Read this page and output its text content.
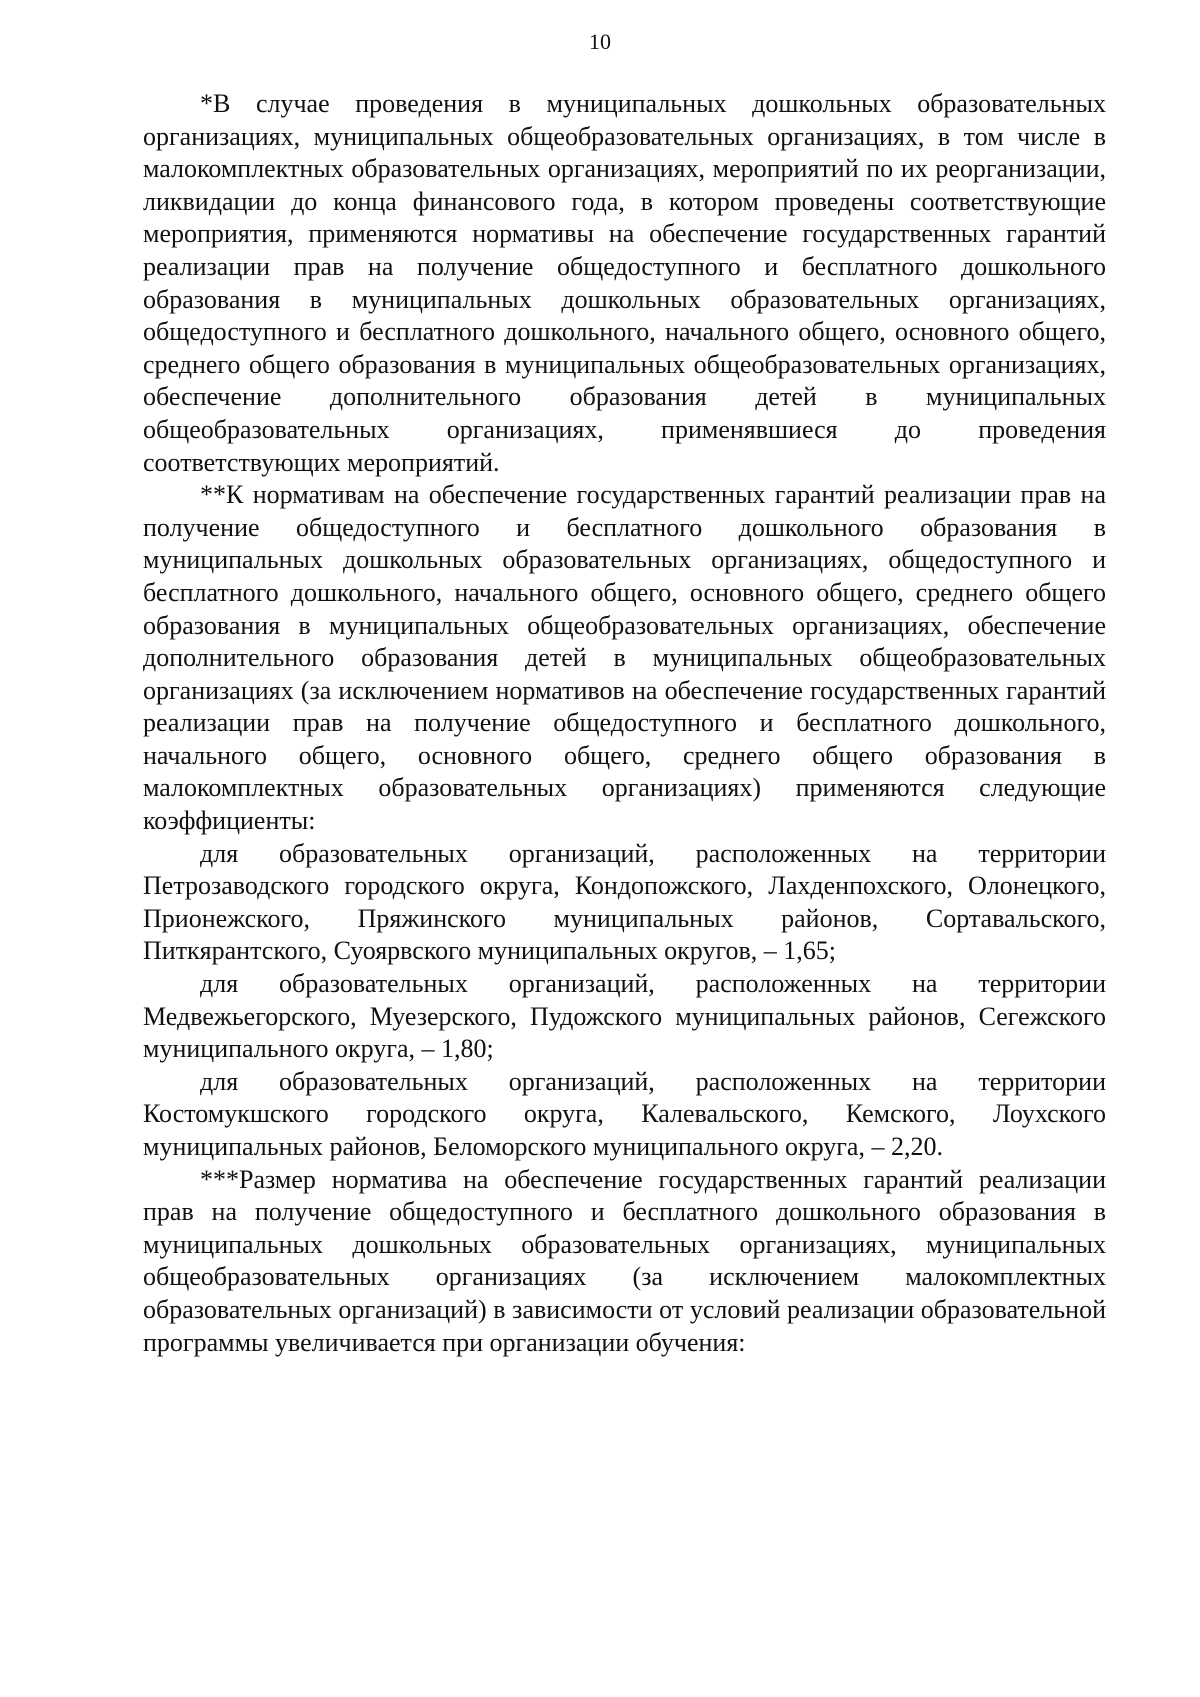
10

*В случае проведения в муниципальных дошкольных образовательных организациях, муниципальных общеобразовательных организациях, в том числе в малокомплектных образовательных организациях, мероприятий по их реорганизации, ликвидации до конца финансового года, в котором проведены соответствующие мероприятия, применяются нормативы на обеспечение государственных гарантий реализации прав на получение общедоступного и бесплатного дошкольного образования в муниципальных дошкольных образовательных организациях, общедоступного и бесплатного дошкольного, начального общего, основного общего, среднего общего образования в муниципальных общеобразовательных организациях, обеспечение дополнительного образования детей в муниципальных общеобразовательных организациях, применявшиеся до проведения соответствующих мероприятий.

**К нормативам на обеспечение государственных гарантий реализации прав на получение общедоступного и бесплатного дошкольного образования в муниципальных дошкольных образовательных организациях, общедоступного и бесплатного дошкольного, начального общего, основного общего, среднего общего образования в муниципальных общеобразовательных организациях, обеспечение дополнительного образования детей в муниципальных общеобразовательных организациях (за исключением нормативов на обеспечение государственных гарантий реализации прав на получение общедоступного и бесплатного дошкольного, начального общего, основного общего, среднего общего образования в малокомплектных образовательных организациях) применяются следующие коэффициенты:

для образовательных организаций, расположенных на территории Петрозаводского городского округа, Кондопожского, Лахденпохского, Олонецкого, Прионежского, Пряжинского муниципальных районов, Сортавальского, Питкярантского, Суоярвского муниципальных округов, – 1,65;

для образовательных организаций, расположенных на территории Медвежьегорского, Муезерского, Пудожского муниципальных районов, Сегежского муниципального округа, – 1,80;

для образовательных организаций, расположенных на территории Костомукшского городского округа, Калевальского, Кемского, Лоухского муниципальных районов, Беломорского муниципального округа, – 2,20.

***Размер норматива на обеспечение государственных гарантий реализации прав на получение общедоступного и бесплатного дошкольного образования в муниципальных дошкольных образовательных организациях, муниципальных общеобразовательных организациях (за исключением малокомплектных образовательных организаций) в зависимости от условий реализации образовательной программы увеличивается при организации обучения:
